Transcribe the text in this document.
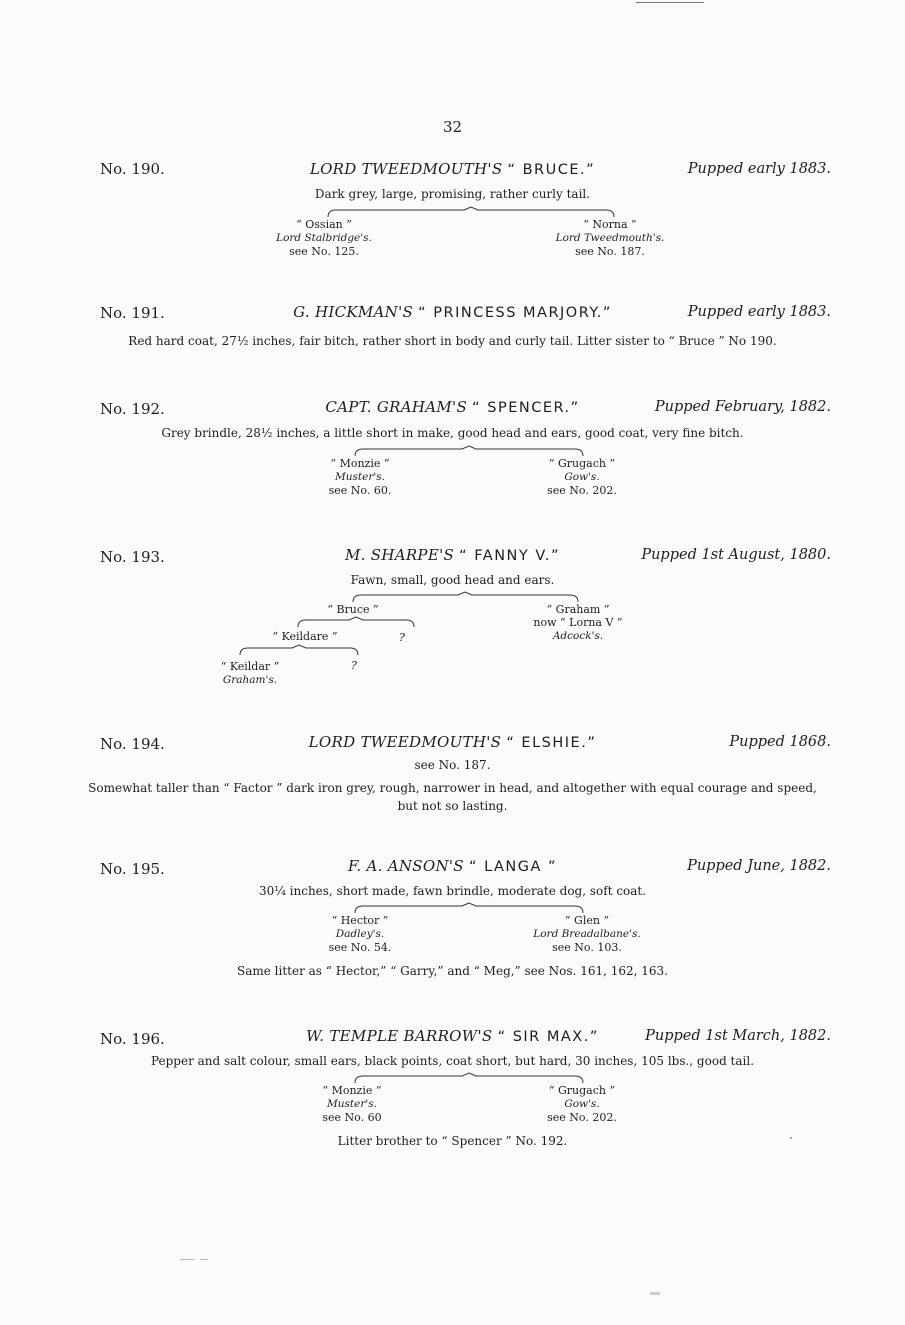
32
No. 190.	LORD TWEEDMOUTH'S “ BRUCE.”	Pupped early 1883.
Dark grey, large, promising, rather curly tail.
“ Ossian ”
Lord Stalbridge's.
see No. 125.
“ Norna ”
Lord Tweedmouth's.
see No. 187.
No. 191.	G. HICKMAN'S “ PRINCESS MARJORY.”	Pupped early 1883.
Red hard coat, 27½ inches, fair bitch, rather short in body and curly tail. Litter sister to “ Bruce ” No 190.
No. 192.	CAPT. GRAHAM'S “ SPENCER.”	Pupped February, 1882.
Grey brindle, 28½ inches, a little short in make, good head and ears, good coat, very fine bitch.
“ Monzie ”
Muster's.
see No. 60.
“ Grugach ”
Gow's.
see No. 202.
No. 193.	M. SHARPE'S “ FANNY V.”	Pupped 1st August, 1880.
Fawn, small, good head and ears.
“ Bruce ”	“ Graham ”
now “ Lorna V ”
Adcock's.
“ Keildare ”	?
“ Keildar ”
Graham's.
?
No. 194.	LORD TWEEDMOUTH'S “ ELSHIE.”	Pupped 1868.
see No. 187.
Somewhat taller than “ Factor ” dark iron grey, rough, narrower in head, and altogether with equal courage and speed,
but not so lasting.
No. 195.	F. A. ANSON'S “ LANGA ”	Pupped June, 1882.
30¼ inches, short made, fawn brindle, moderate dog, soft coat.
“ Hector ”
Dadley's.
see No. 54.
“ Glen ”
Lord Breadalbane's.
see No. 103.
Same litter as “ Hector,” “ Garry,” and “ Meg,” see Nos. 161, 162, 163.
No. 196.	W. TEMPLE BARROW'S “ SIR MAX.”	Pupped 1st March, 1882.
Pepper and salt colour, small ears, black points, coat short, but hard, 30 inches, 105 lbs., good tail.
“ Monzie ”
Muster's.
see No. 60
“ Grugach ”
Gow's.
see No. 202.
Litter brother to “ Spencer ” No. 192.
